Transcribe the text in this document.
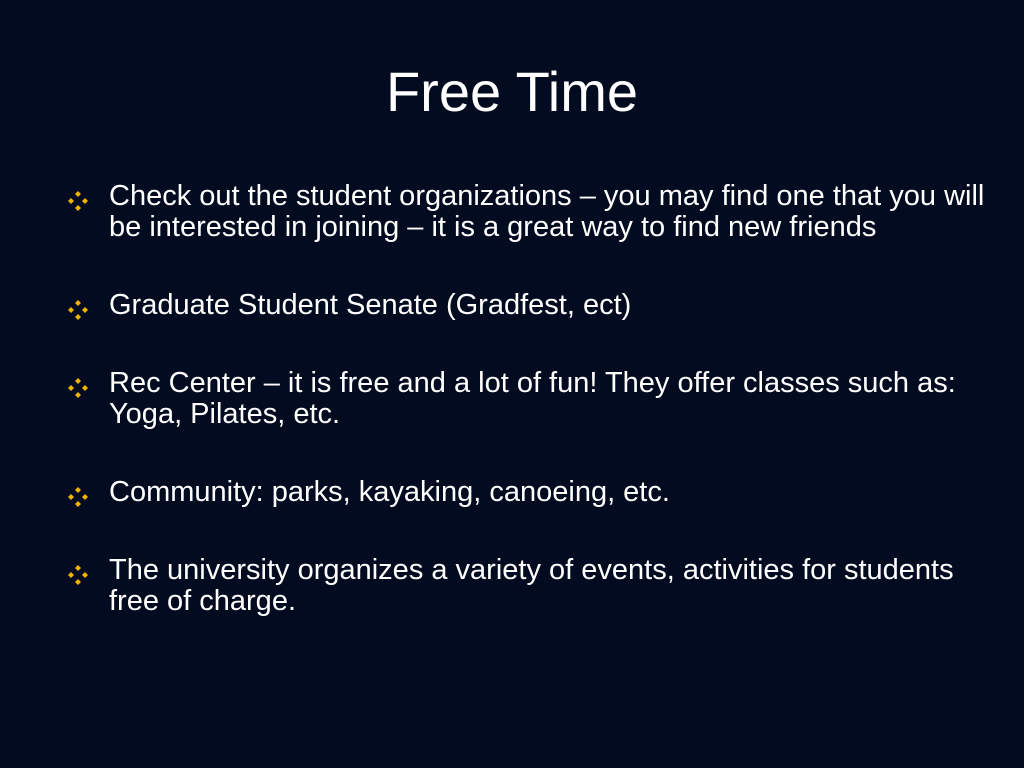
Free Time
Check out the student organizations – you may find one that you will be interested in joining – it is a great way to find new friends
Graduate Student Senate (Gradfest, ect)
Rec Center – it is free and a lot of fun! They offer classes such as: Yoga, Pilates, etc.
Community: parks, kayaking, canoeing, etc.
The university organizes a variety of events, activities for students free of charge.
